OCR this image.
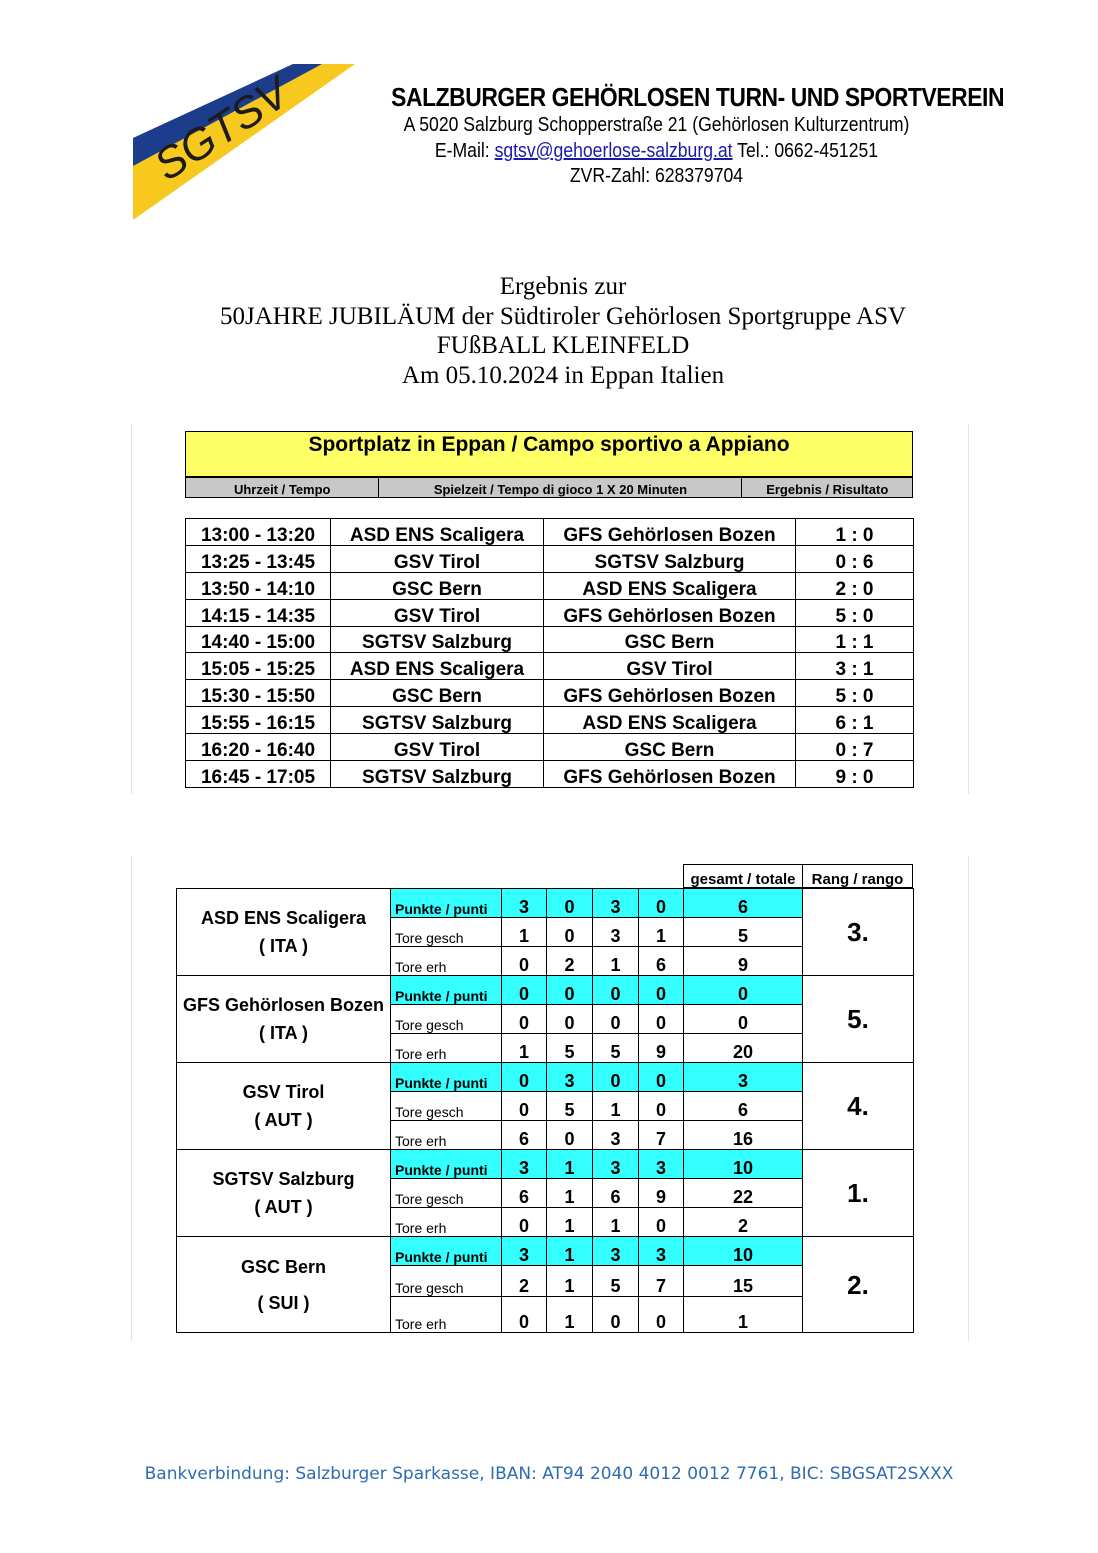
SGTSV	SALZBURGER GEHÖRLOSEN TURN- UND SPORTVEREIN
A 5020 Salzburg Schopperstraße 21 (Gehörlosen Kulturzentrum)
E-Mail: sgtsv@gehoerlose-salzburg.at Tel.: 0662-451251
ZVR-Zahl: 628379704
Ergebnis zur
50JAHRE JUBILÄUM der Südtiroler Gehörlosen Sportgruppe ASV
FUßBALL KLEINFELD
Am 05.10.2024 in Eppan Italien
Sportplatz in Eppan / Campo sportivo a Appiano
Uhrzeit / Tempo	Spielzeit / Tempo di gioco 1 X 20 Minuten	Ergebnis / Risultato
13:00 - 13:20	ASD ENS Scaligera	GFS Gehörlosen Bozen	1 : 0
13:25 - 13:45	GSV Tirol	SGTSV Salzburg	0 : 6
13:50 - 14:10	GSC Bern	ASD ENS Scaligera	2 : 0
14:15 - 14:35	GSV Tirol	GFS Gehörlosen Bozen	5 : 0
14:40 - 15:00	SGTSV Salzburg	GSC Bern	1 : 1
15:05 - 15:25	ASD ENS Scaligera	GSV Tirol	3 : 1
15:30 - 15:50	GSC Bern	GFS Gehörlosen Bozen	5 : 0
15:55 - 16:15	SGTSV Salzburg	ASD ENS Scaligera	6 : 1
16:20 - 16:40	GSV Tirol	GSC Bern	0 : 7
16:45 - 17:05	SGTSV Salzburg	GFS Gehörlosen Bozen	9 : 0
gesamt / totale	Rang / rango
ASD ENS Scaligera
( ITA )	Punkte / punti	3	0	3	0	6	3.
	Tore gesch	1	0	3	1	5	
	Tore erh	0	2	1	6	9	

GFS Gehörlosen Bozen
( ITA )	Punkte / punti	0	0	0	0	0	5.
	Tore gesch	0	0	0	0	0	
	Tore erh	1	5	5	9	20	

GSV Tirol
( AUT )	Punkte / punti	0	3	0	0	3	4.
	Tore gesch	0	5	1	0	6	
	Tore erh	6	0	3	7	16	

SGTSV Salzburg
( AUT )	Punkte / punti	3	1	3	3	10	1.
	Tore gesch	6	1	6	9	22	
	Tore erh	0	1	1	0	2	

GSC Bern
( SUI )	Punkte / punti	3	1	3	3	10	2.
	Tore gesch	2	1	5	7	15	
	Tore erh	0	1	0	0	1	
Bankverbindung: Salzburger Sparkasse, IBAN: AT94 2040 4012 0012 7761, BIC: SBGSAT2SXXX
